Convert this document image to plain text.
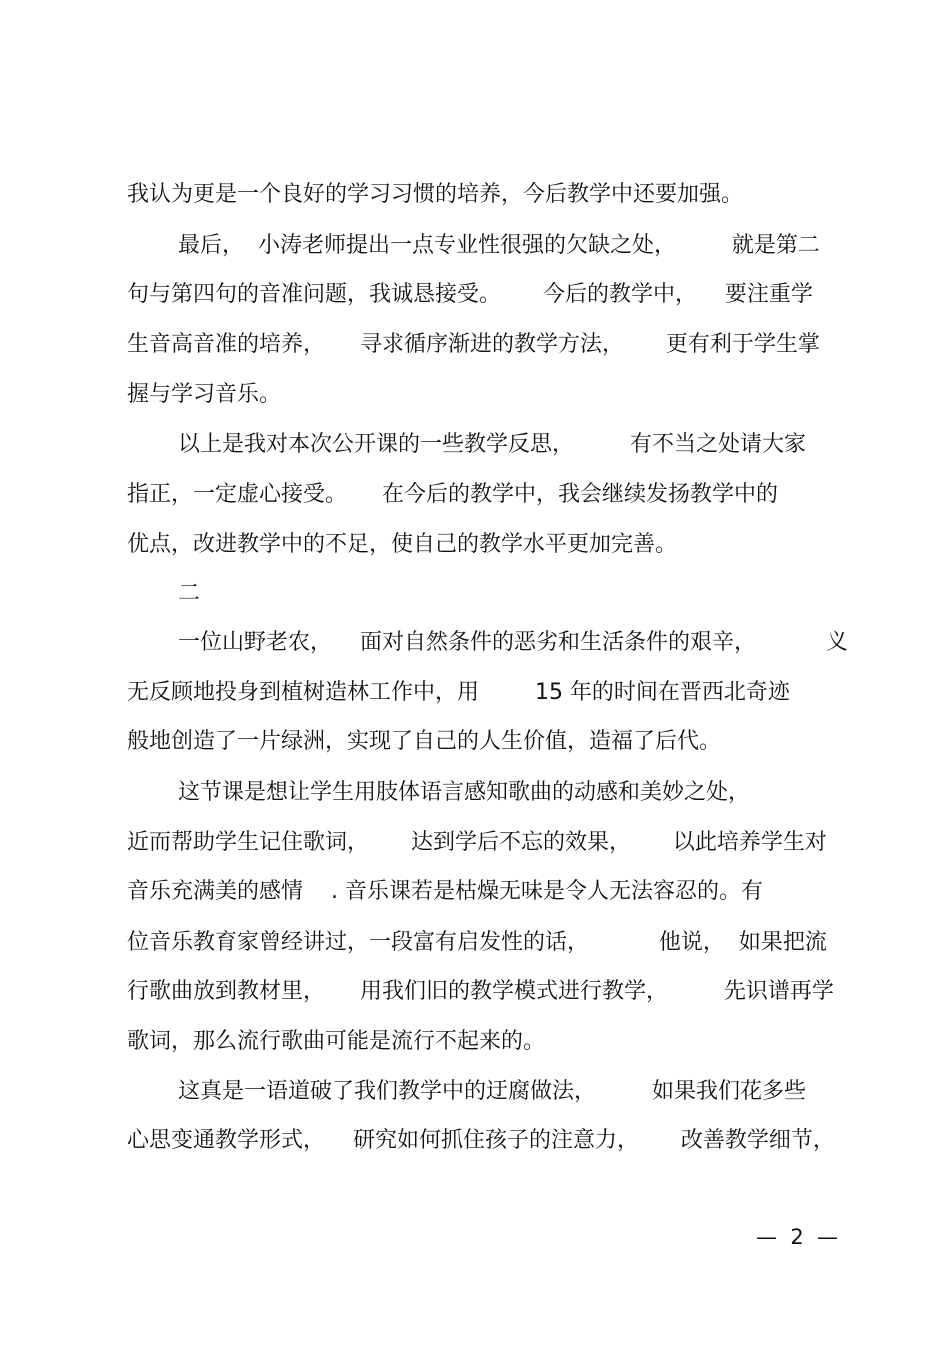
我认为更是一个良好的学习习惯的培养，今后教学中还要加强。
最后，  小涛老师提出一点专业性很强的欠缺之处，        就是第二
句与第四句的音准问题，我诚恳接受。      今后的教学中，    要注重学
生音高音准的培养，     寻求循序渐进的教学方法，      更有利于学生掌
握与学习音乐。
以上是我对本次公开课的一些教学反思，        有不当之处请大家
指正，一定虚心接受。     在今后的教学中，我会继续发扬教学中的
优点，改进教学中的不足，使自己的教学水平更加完善。
二
一位山野老农，    面对自然条件的恶劣和生活条件的艰辛，          义
无反顾地投身到植树造林工作中，用        15 年的时间在晋西北奇迹
般地创造了一片绿洲，实现了自己的人生价值，造福了后代。
这节课是想让学生用肢体语言感知歌曲的动感和美妙之处，
近而帮助学生记住歌词，      达到学后不忘的效果，      以此培养学生对
音乐充满美的感情    . 音乐课若是枯燥无味是令人无法容忍的。有
位音乐教育家曾经讲过，一段富有启发性的话，          他说，  如果把流
行歌曲放到教材里，     用我们旧的教学模式进行教学，        先识谱再学
歌词，那么流行歌曲可能是流行不起来的。
这真是一语道破了我们教学中的迂腐做法，        如果我们花多些
心思变通教学形式，    研究如何抓住孩子的注意力，      改善教学细节，
—  2  —
